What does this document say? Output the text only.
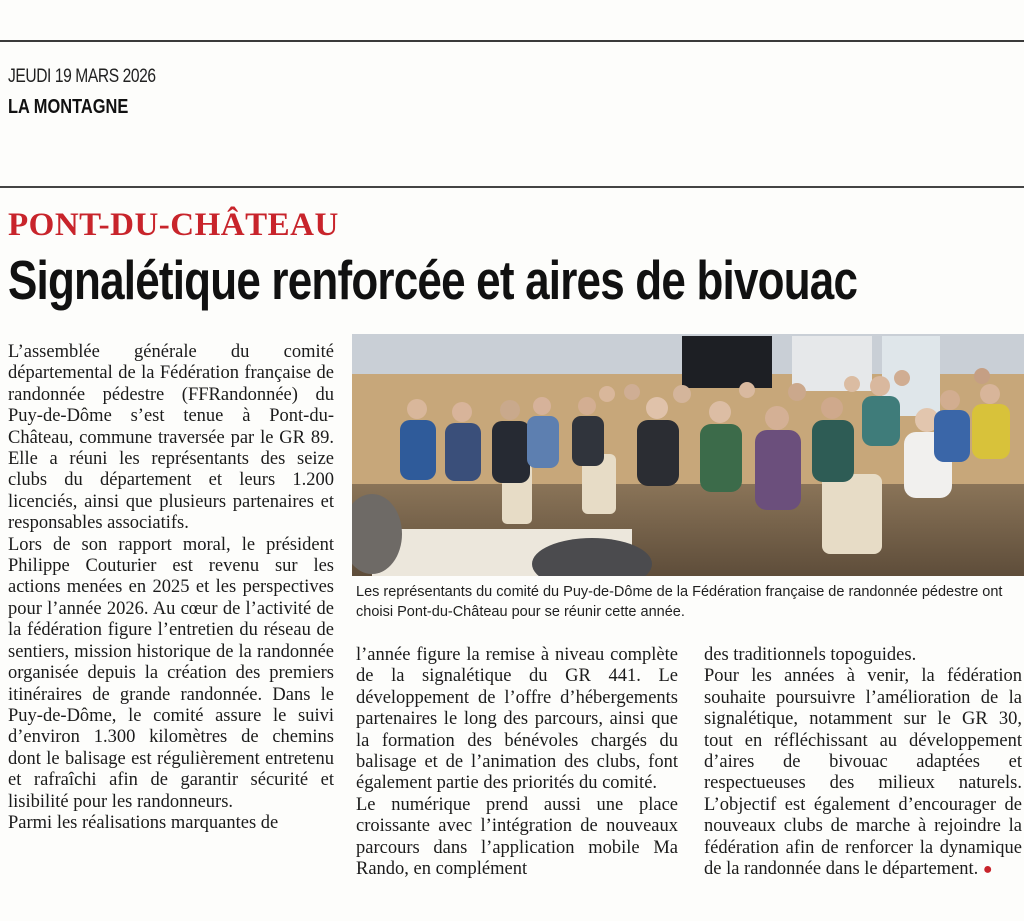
JEUDI 19 MARS 2026
LA MONTAGNE
PONT-DU-CHÂTEAU
Signalétique renforcée et aires de bivouac

L’assemblée générale du comité départemental de la Fédération française de randonnée pédestre (FFRandonnée) du Puy-de-Dôme s’est tenue à Pont-du-Château, commune traversée par le GR 89. Elle a réuni les représentants des seize clubs du département et leurs 1.200 licenciés, ainsi que plusieurs partenaires et responsables associatifs.

Lors de son rapport moral, le président Philippe Couturier est revenu sur les actions menées en 2025 et les perspectives pour l’année 2026. Au cœur de l’activité de la fédération figure l’entretien du réseau de sentiers, mission historique de la randonnée organisée depuis la création des premiers itinéraires de grande randonnée. Dans le Puy-de-Dôme, le comité assure le suivi d’environ 1.300 kilomètres de chemins dont le balisage est régulièrement entretenu et rafraîchi afin de garantir sécurité et lisibilité pour les randonneurs.

Parmi les réalisations marquantes de

Les représentants du comité du Puy-de-Dôme de la Fédération française de randonnée pédestre ont choisi Pont-du-Château pour se réunir cette année.

l’année figure la remise à niveau complète de la signalétique du GR 441. Le développement de l’offre d’hébergements partenaires le long des parcours, ainsi que la formation des bénévoles chargés du balisage et de l’animation des clubs, font également partie des priorités du comité.

Le numérique prend aussi une place croissante avec l’intégration de nouveaux parcours dans l’application mobile Ma Rando, en complément

des traditionnels topoguides.

Pour les années à venir, la fédération souhaite poursuivre l’amélioration de la signalétique, notamment sur le GR 30, tout en réfléchissant au développement d’aires de bivouac adaptées et respectueuses des milieux naturels. L’objectif est également d’encourager de nouveaux clubs de marche à rejoindre la fédération afin de renforcer la dynamique de la randonnée dans le département. ●
